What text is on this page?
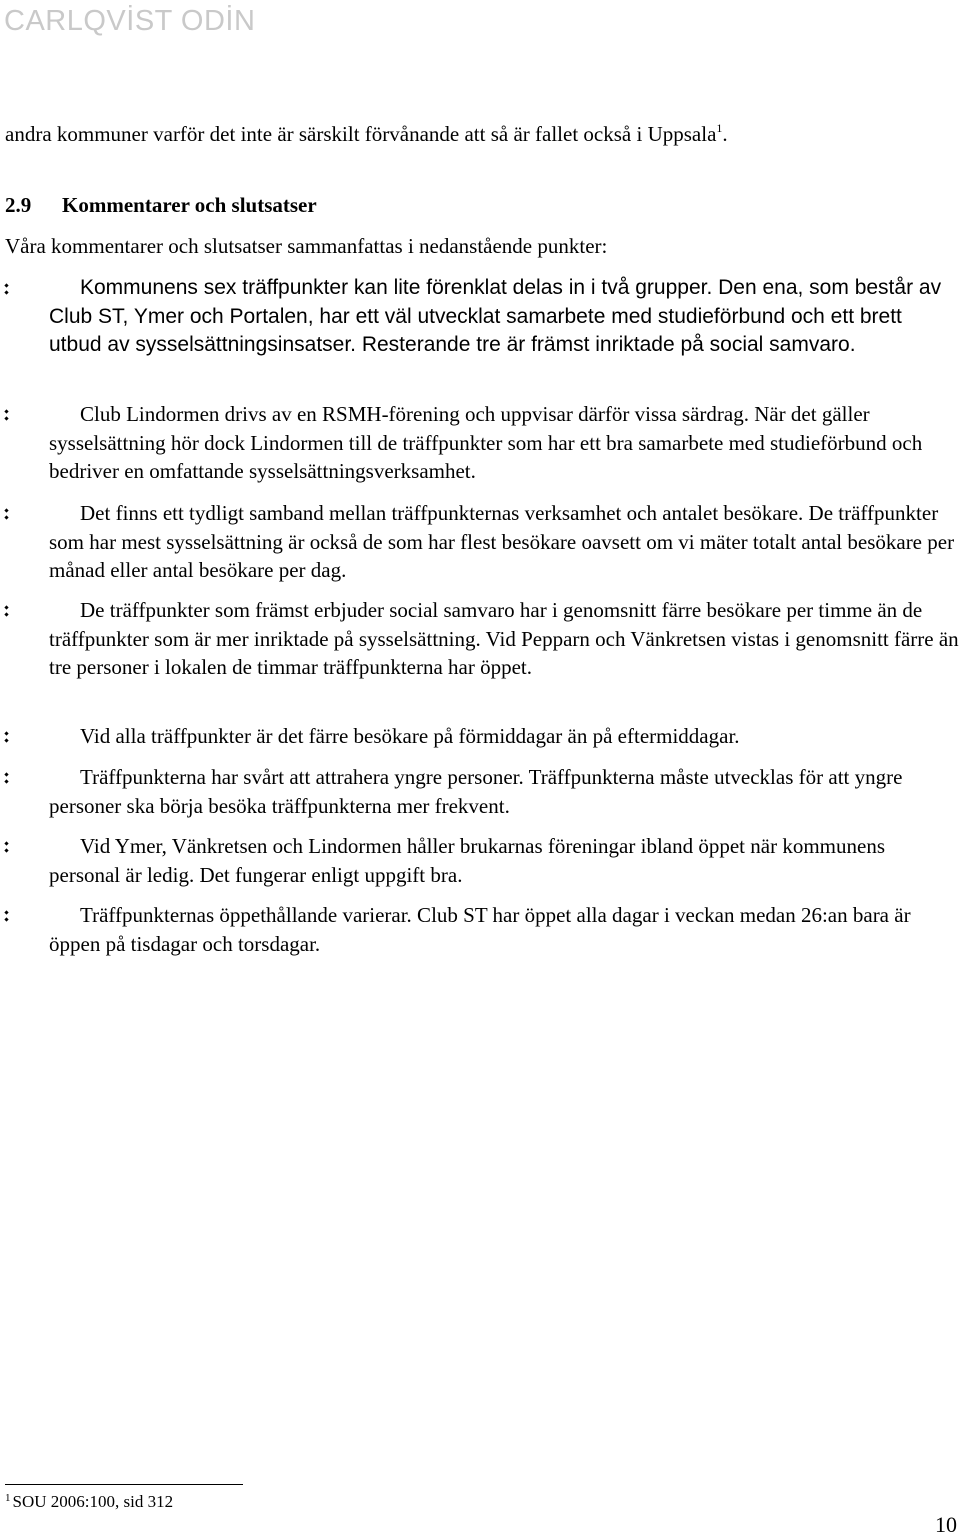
CARLQVİST ODİN
andra kommuner varför det inte är särskilt förvånande att så är fallet också i Uppsala$^1$.
2.9 Kommentarer och slutsatser
Våra kommentarer och slutsatser sammanfattas i nedanstående punkter:
Kommunens sex träffpunkter kan lite förenklat delas in i två grupper. Den ena, som består av Club ST, Ymer och Portalen, har ett väl utvecklat samarbete med studieförbund och ett brett utbud av sysselsättningsinsatser. Resterande tre är främst inriktade på social samvaro.
Club Lindormen drivs av en RSMH-förening och uppvisar därför vissa särdrag. När det gäller sysselsättning hör dock Lindormen till de träffpunkter som har ett bra samarbete med studieförbund och bedriver en omfattande sysselsättningsverksamhet.
Det finns ett tydligt samband mellan träffpunkternas verksamhet och antalet besökare. De träffpunkter som har mest sysselsättning är också de som har flest besökare oavsett om vi mäter totalt antal besökare per månad eller antal besökare per dag.
De träffpunkter som främst erbjuder social samvaro har i genomsnitt färre besökare per timme än de träffpunkter som är mer inriktade på sysselsättning. Vid Pepparn och Vänkretsen vistas i genomsnitt färre än tre personer i lokalen de timmar träffpunkterna har öppet.
Vid alla träffpunkter är det färre besökare på förmiddagar än på eftermiddagar.
Träffpunkterna har svårt att attrahera yngre personer. Träffpunkterna måste utvecklas för att yngre personer ska börja besöka träffpunkterna mer frekvent.
Vid Ymer, Vänkretsen och Lindormen håller brukarnas föreningar ibland öppet när kommunens personal är ledig. Det fungerar enligt uppgift bra.
Träffpunkternas öppethållande varierar. Club ST har öppet alla dagar i veckan medan 26:an bara är öppen på tisdagar och torsdagar.
$^1$ SOU 2006:100, sid 312
10
